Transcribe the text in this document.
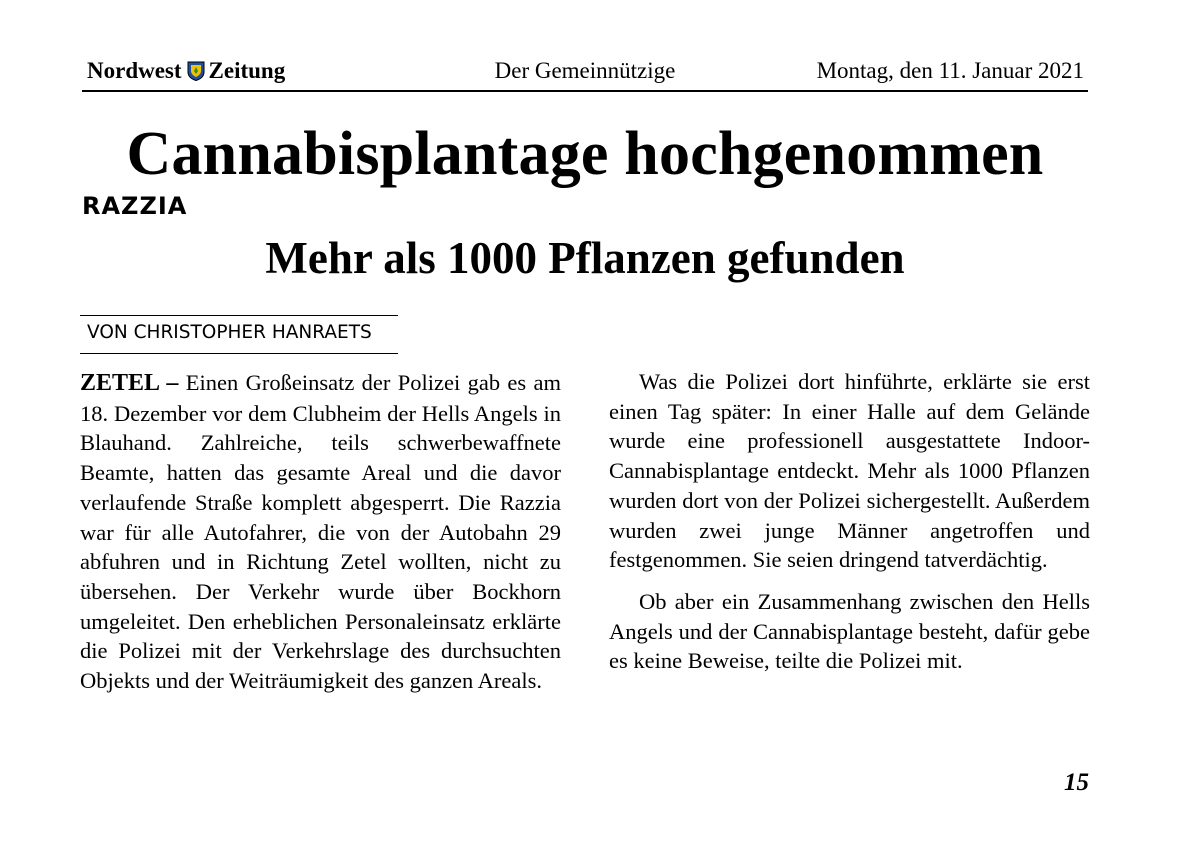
Nordwest Zeitung	Der Gemeinnützige	Montag, den 11. Januar 2021
Cannabisplantage hochgenommen
RAZZIA
Mehr als 1000 Pflanzen gefunden
VON CHRISTOPHER HANRAETS

ZETEL – Einen Großeinsatz der Polizei gab es am 18. Dezember vor dem Clubheim der Hells Angels in Blauhand. Zahlreiche, teils schwerbewaffnete Beamte, hatten das gesamte Areal und die davor verlaufende Straße komplett abgesperrt. Die Razzia war für alle Autofahrer, die von der Autobahn 29 abfuhren und in Richtung Zetel wollten, nicht zu übersehen. Der Verkehr wurde über Bockhorn umgeleitet. Den erheblichen Personaleinsatz erklärte die Polizei mit der Verkehrslage des durchsuchten Objekts und der Weiträumigkeit des ganzen Areals.

Was die Polizei dort hinführte, erklärte sie erst einen Tag später: In einer Halle auf dem Gelände wurde eine professionell ausgestattete Indoor-Cannabisplantage entdeckt. Mehr als 1000 Pflanzen wurden dort von der Polizei sichergestellt. Außerdem wurden zwei junge Männer angetroffen und festgenommen. Sie seien dringend tatverdächtig.

Ob aber ein Zusammenhang zwischen den Hells Angels und der Cannabisplantage besteht, dafür gebe es keine Beweise, teilte die Polizei mit.

15
